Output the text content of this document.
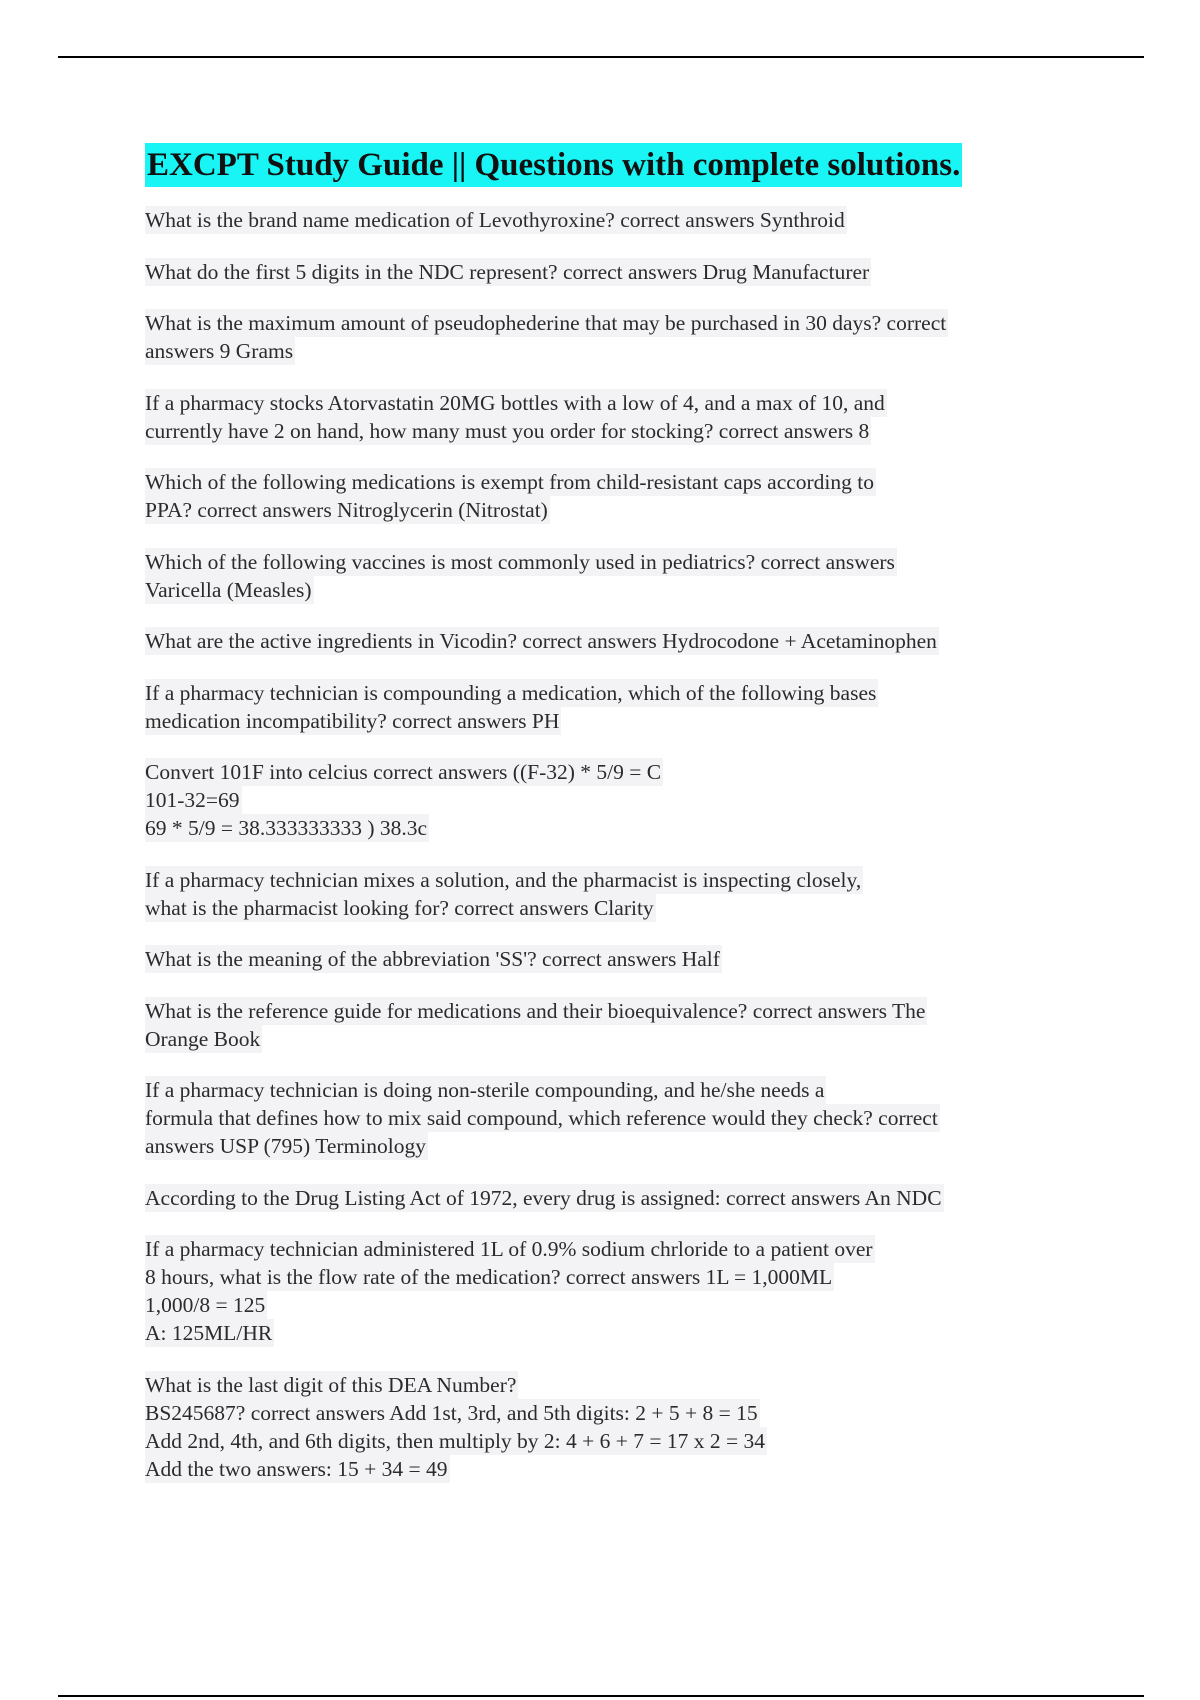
EXCPT Study Guide || Questions with complete solutions.
What is the brand name medication of Levothyroxine? correct answers Synthroid
What do the first 5 digits in the NDC represent? correct answers Drug Manufacturer
What is the maximum amount of pseudophederine that may be purchased in 30 days? correct
answers 9 Grams
If a pharmacy stocks Atorvastatin 20MG bottles with a low of 4, and a max of 10, and
currently have 2 on hand, how many must you order for stocking? correct answers 8
Which of the following medications is exempt from child-resistant caps according to
PPA? correct answers Nitroglycerin (Nitrostat)
Which of the following vaccines is most commonly used in pediatrics? correct answers
Varicella (Measles)
What are the active ingredients in Vicodin? correct answers Hydrocodone + Acetaminophen
If a pharmacy technician is compounding a medication, which of the following bases
medication incompatibility? correct answers PH
Convert 101F into celcius correct answers ((F-32) * 5/9 = C
101-32=69
69 * 5/9 = 38.333333333 ) 38.3c
If a pharmacy technician mixes a solution, and the pharmacist is inspecting closely,
what is the pharmacist looking for? correct answers Clarity
What is the meaning of the abbreviation 'SS'? correct answers Half
What is the reference guide for medications and their bioequivalence? correct answers The
Orange Book
If a pharmacy technician is doing non-sterile compounding, and he/she needs a
formula that defines how to mix said compound, which reference would they check? correct
answers USP (795) Terminology
According to the Drug Listing Act of 1972, every drug is assigned: correct answers An NDC
If a pharmacy technician administered 1L of 0.9% sodium chrloride to a patient over
8 hours, what is the flow rate of the medication? correct answers 1L = 1,000ML
1,000/8 = 125
A: 125ML/HR
What is the last digit of this DEA Number?
BS245687? correct answers Add 1st, 3rd, and 5th digits: 2 + 5 + 8 = 15
Add 2nd, 4th, and 6th digits, then multiply by 2: 4 + 6 + 7 = 17 x 2 = 34
Add the two answers: 15 + 34 = 49
